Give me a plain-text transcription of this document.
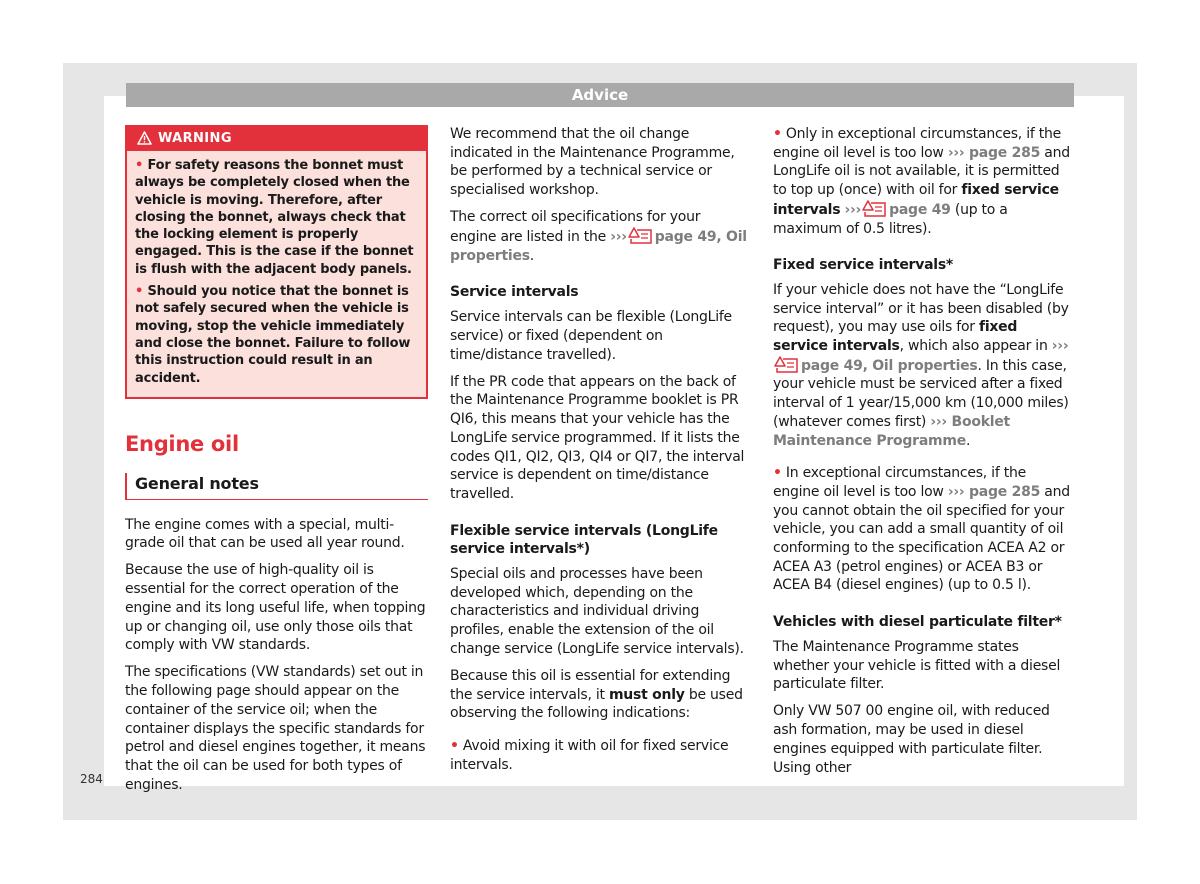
Advice
WARNING

• For safety reasons the bonnet must always be completely closed when the vehicle is moving. Therefore, after closing the bonnet, always check that the locking element is properly engaged. This is the case if the bonnet is flush with the adjacent body panels.

• Should you notice that the bonnet is not safely secured when the vehicle is moving, stop the vehicle immediately and close the bonnet. Failure to follow this instruction could result in an accident.

Engine oil
General notes

The engine comes with a special, multi-grade oil that can be used all year round.

Because the use of high-quality oil is essential for the correct operation of the engine and its long useful life, when topping up or changing oil, use only those oils that comply with VW standards.

The specifications (VW standards) set out in the following page should appear on the container of the service oil; when the container displays the specific standards for petrol and diesel engines together, it means that the oil can be used for both types of engines.

We recommend that the oil change indicated in the Maintenance Programme, be performed by a technical service or specialised workshop.

The correct oil specifications for your engine are listed in the ››› page 49, Oil properties.

Service intervals

Service intervals can be flexible (LongLife service) or fixed (dependent on time/distance travelled).

If the PR code that appears on the back of the Maintenance Programme booklet is PR QI6, this means that your vehicle has the LongLife service programmed. If it lists the codes QI1, QI2, QI3, QI4 or QI7, the interval service is dependent on time/distance travelled.

Flexible service intervals (LongLife service intervals*)

Special oils and processes have been developed which, depending on the characteristics and individual driving profiles, enable the extension of the oil change service (LongLife service intervals).

Because this oil is essential for extending the service intervals, it must only be used observing the following indications:

• Avoid mixing it with oil for fixed service intervals.

• Only in exceptional circumstances, if the engine oil level is too low ››› page 285 and LongLife oil is not available, it is permitted to top up (once) with oil for fixed service intervals ››› page 49 (up to a maximum of 0.5 litres).

Fixed service intervals*

If your vehicle does not have the “LongLife service interval” or it has been disabled (by request), you may use oils for fixed service intervals, which also appear in ›››page 49, Oil properties. In this case, your vehicle must be serviced after a fixed interval of 1 year/15,000 km (10,000 miles) (whatever comes first) ››› Booklet Maintenance Programme.

• In exceptional circumstances, if the engine oil level is too low ››› page 285 and you cannot obtain the oil specified for your vehicle, you can add a small quantity of oil conforming to the specification ACEA A2 or ACEA A3 (petrol engines) or ACEA B3 or ACEA B4 (diesel engines) (up to 0.5 l).

Vehicles with diesel particulate filter*

The Maintenance Programme states whether your vehicle is fitted with a diesel particulate filter.

Only VW 507 00 engine oil, with reduced ash formation, may be used in diesel engines equipped with particulate filter. Using other

284
